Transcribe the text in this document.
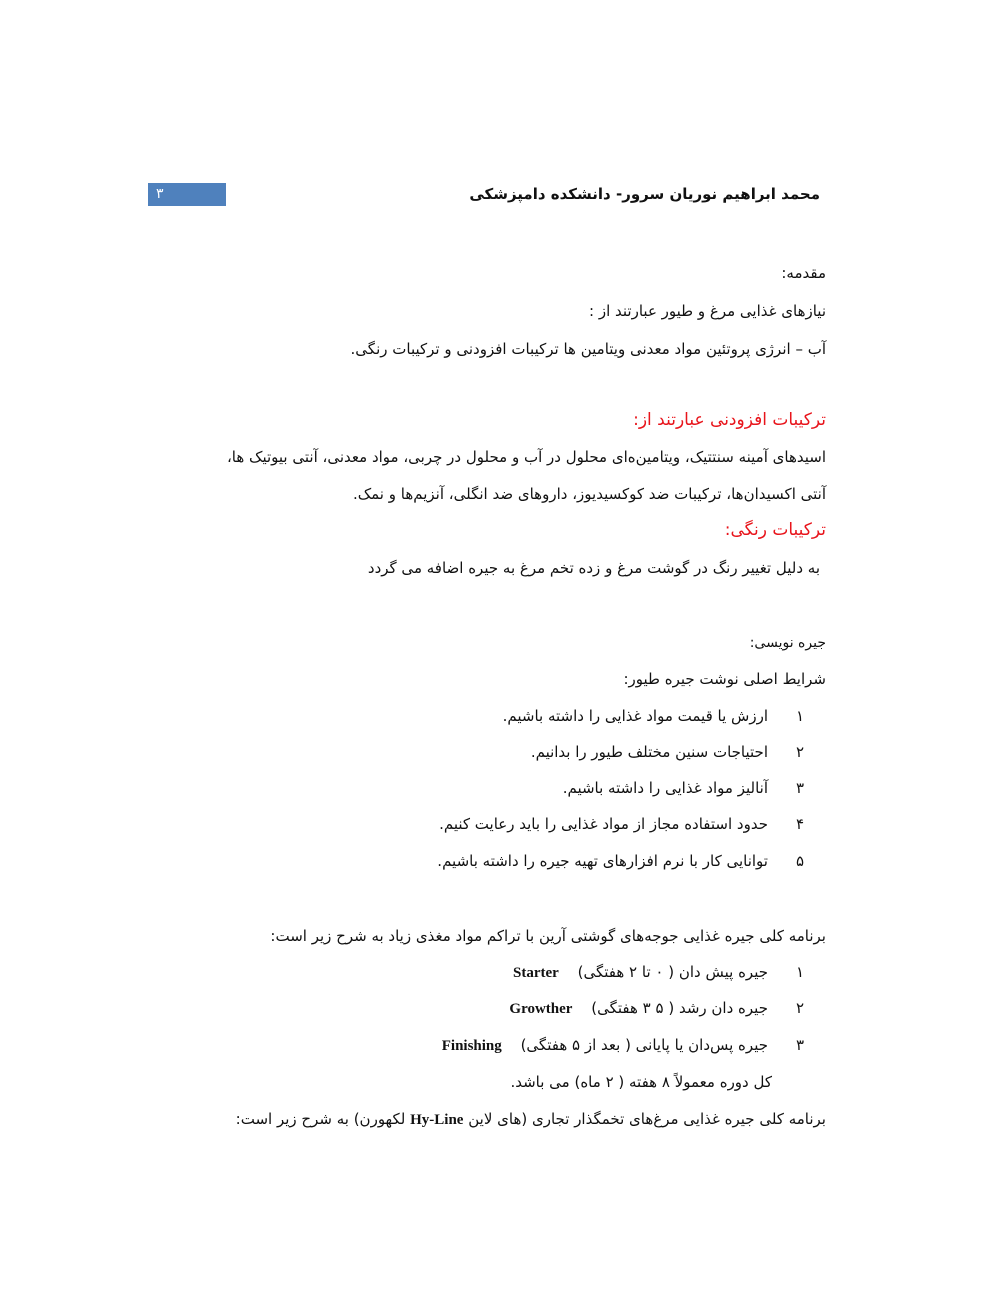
۳	محمد ابراهیم نوریان سرور- دانشکده دامپزشکی
مقدمه:
نیازهای غذایی مرغ و طیور عبارتند از :
آب – انرژی پروتئین مواد معدنی ویتامین ها ترکیبات افزودنی و ترکیبات رنگی.
ترکیبات افزودنی عبارتند از:
اسیدهای آمینه سنتتیک، ویتامین‌ه‌ای محلول در آب و محلول در چربی، مواد معدنی، آنتی بیوتیک ها،
آنتی اکسیدان‌ها، ترکیبات ضد کوکسیدیوز، داروهای ضد انگلی، آنزیم‌ها و نمک.
ترکیبات رنگی:
به دلیل تغییر رنگ در گوشت مرغ و زده تخم مرغ به جیره اضافه می گردد
جیره نویسی:
شرایط اصلی نوشت جیره طیور:
۱ارزش یا قیمت مواد غذایی را داشته باشیم.
۲احتیاجات سنین مختلف طیور را بدانیم.
۳آنالیز مواد غذایی را داشته باشیم.
۴حدود استفاده مجاز از مواد غذایی را باید رعایت کنیم.
۵توانایی کار با نرم افزارهای تهیه جیره را داشته باشیم.
برنامه کلی جیره غذایی جوجه‌های گوشتی آرین با تراکم مواد مغذی زیاد به شرح زیر است:
۱جیره پیش دان ( ۰ تا ۲ هفتگی) Starter
۲جیره دان رشد ( ۵ ۳ هفتگی) Growther
۳جیره پس‌دان یا پایانی ( بعد از ۵ هفتگی) Finishing
کل دوره معمولاً ۸ هفته ( ۲ ماه) می باشد.
برنامه کلی جیره غذایی مرغ‌های تخمگذار تجاری (های لاین Hy-Line لکهورن) به شرح زیر است:
